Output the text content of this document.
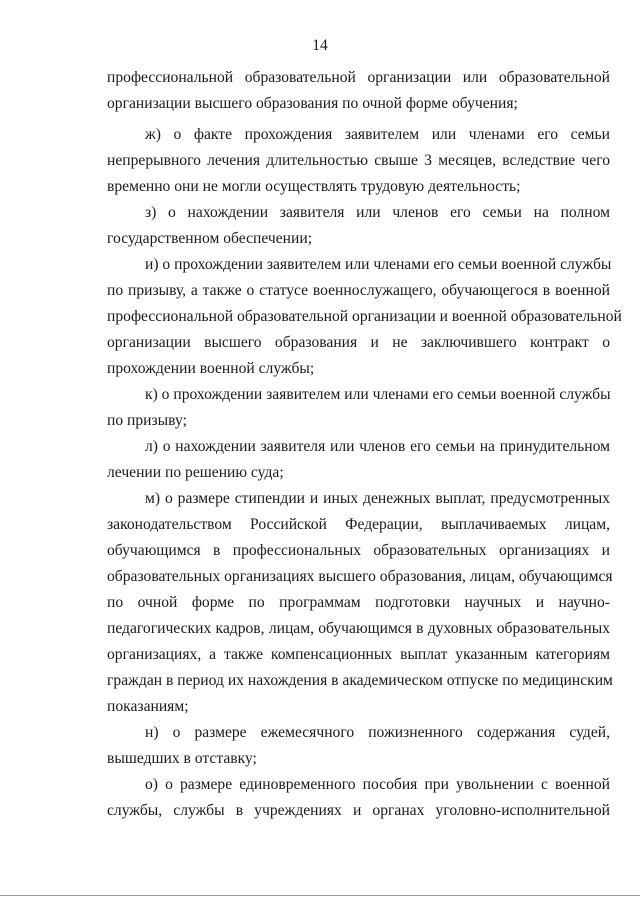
14
профессиональной образовательной организации или образовательной
организации высшего образования по очной форме обучения;
ж) о факте прохождения заявителем или членами его семьи
непрерывного лечения длительностью свыше 3 месяцев, вследствие чего
временно они не могли осуществлять трудовую деятельность;
з) о нахождении заявителя или членов его семьи на полном
государственном обеспечении;
и) о прохождении заявителем или членами его семьи военной службы
по призыву, а также о статусе военнослужащего, обучающегося в военной
профессиональной образовательной организации и военной образовательной
организации высшего образования и не заключившего контракт о
прохождении военной службы;
к) о прохождении заявителем или членами его семьи военной службы
по призыву;
л) о нахождении заявителя или членов его семьи на принудительном
лечении по решению суда;
м) о размере стипендии и иных денежных выплат, предусмотренных
законодательством Российской Федерации, выплачиваемых лицам,
обучающимся в профессиональных образовательных организациях и
образовательных организациях высшего образования, лицам, обучающимся
по очной форме по программам подготовки научных и научно-
педагогических кадров, лицам, обучающимся в духовных образовательных
организациях, а также компенсационных выплат указанным категориям
граждан в период их нахождения в академическом отпуске по медицинским
показаниям;
н) о размере ежемесячного пожизненного содержания судей,
вышедших в отставку;
о) о размере единовременного пособия при увольнении с военной
службы, службы в учреждениях и органах уголовно-исполнительной
